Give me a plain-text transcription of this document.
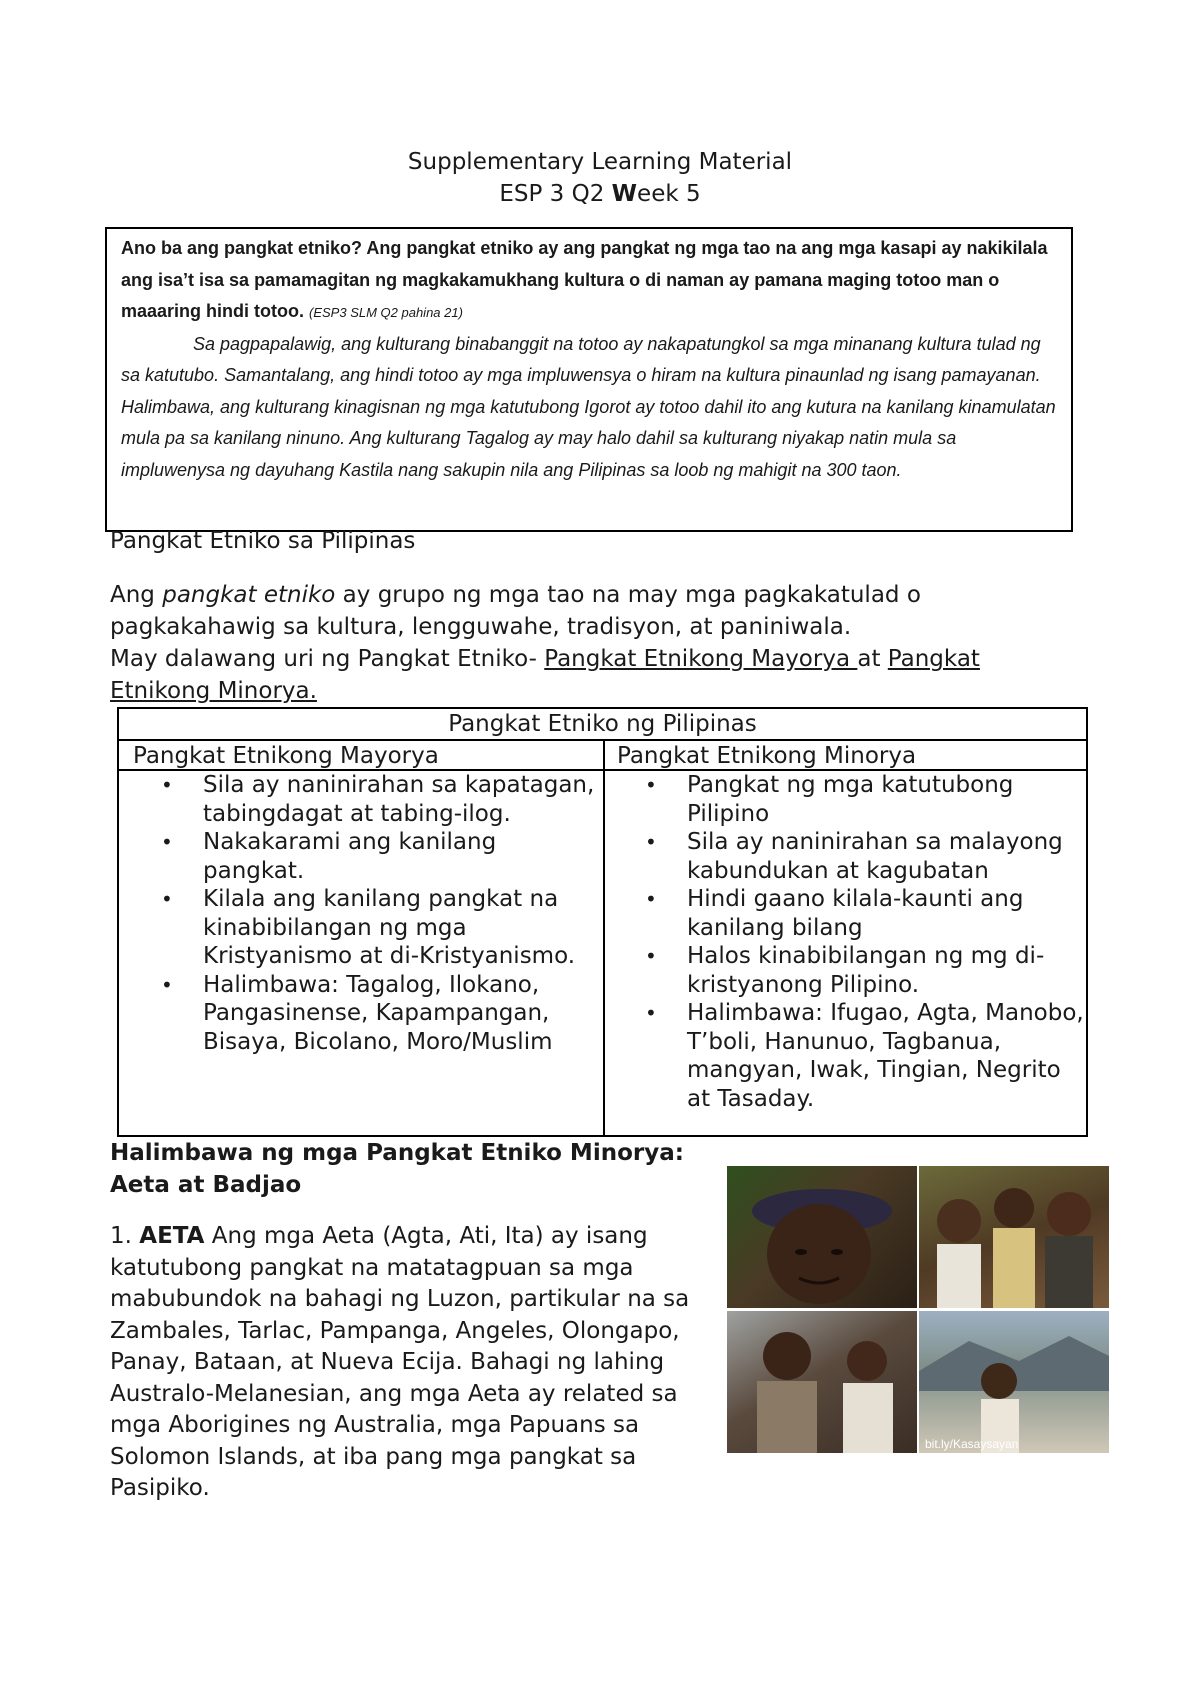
Supplementary Learning Material
ESP 3 Q2 Week 5
Ano ba ang pangkat etniko? Ang pangkat etniko ay ang pangkat ng mga tao na ang mga kasapi ay nakikilala ang isa’t isa sa pamamagitan ng magkakamukhang kultura o di naman ay pamana maging totoo man o maaaring hindi totoo. (ESP3 SLM Q2 pahina 21)
Sa pagpapalawig, ang kulturang binabanggit na totoo ay nakapatungkol sa mga minanang kultura tulad ng sa katutubo. Samantalang, ang hindi totoo ay mga impluwensya o hiram na kultura pinaunlad ng isang pamayanan. Halimbawa, ang kulturang kinagisnan ng mga katutubong Igorot ay totoo dahil ito ang kutura na kanilang kinamulatan mula pa sa kanilang ninuno. Ang kulturang Tagalog ay may halo dahil sa kulturang niyakap natin mula sa impluwenysa ng dayuhang Kastila nang sakupin nila ang Pilipinas sa loob ng mahigit na 300 taon.
Pangkat Etniko sa Pilipinas
Ang pangkat etniko ay grupo ng mga tao na may mga pagkakatulad o pagkakahawig sa kultura, lengguwahe, tradisyon, at paniniwala.
May dalawang uri ng Pangkat Etniko- Pangkat Etnikong Mayorya at Pangkat Etnikong Minorya.
Pangkat Etniko ng Pilipinas
Pangkat Etnikong Mayorya	Pangkat Etnikong Minorya
• Sila ay naninirahan sa kapatagan, tabingdagat at tabing-ilog.
• Nakakarami ang kanilang pangkat.
• Kilala ang kanilang pangkat na kinabibilangan ng mga Kristyanismo at di-Kristyanismo.
• Halimbawa: Tagalog, Ilokano, Pangasinense, Kapampangan, Bisaya, Bicolano, Moro/Muslim
• Pangkat ng mga katutubong Pilipino
• Sila ay naninirahan sa malayong kabundukan at kagubatan
• Hindi gaano kilala-kaunti ang kanilang bilang
• Halos kinabibilangan ng mg di-kristyanong Pilipino.
• Halimbawa: Ifugao, Agta, Manobo, T’boli, Hanunuo, Tagbanua, mangyan, Iwak, Tingian, Negrito at Tasaday.
Halimbawa ng mga Pangkat Etniko Minorya: Aeta at Badjao
1. AETA Ang mga Aeta (Agta, Ati, Ita) ay isang katutubong pangkat na matatagpuan sa mga mabubundok na bahagi ng Luzon, partikular na sa Zambales, Tarlac, Pampanga, Angeles, Olongapo, Panay, Bataan, at Nueva Ecija. Bahagi ng lahing Australo-Melanesian, ang mga Aeta ay related sa mga Aborigines ng Australia, mga Papuans sa Solomon Islands, at iba pang mga pangkat sa Pasipiko.
bit.ly/Kasaysayan
